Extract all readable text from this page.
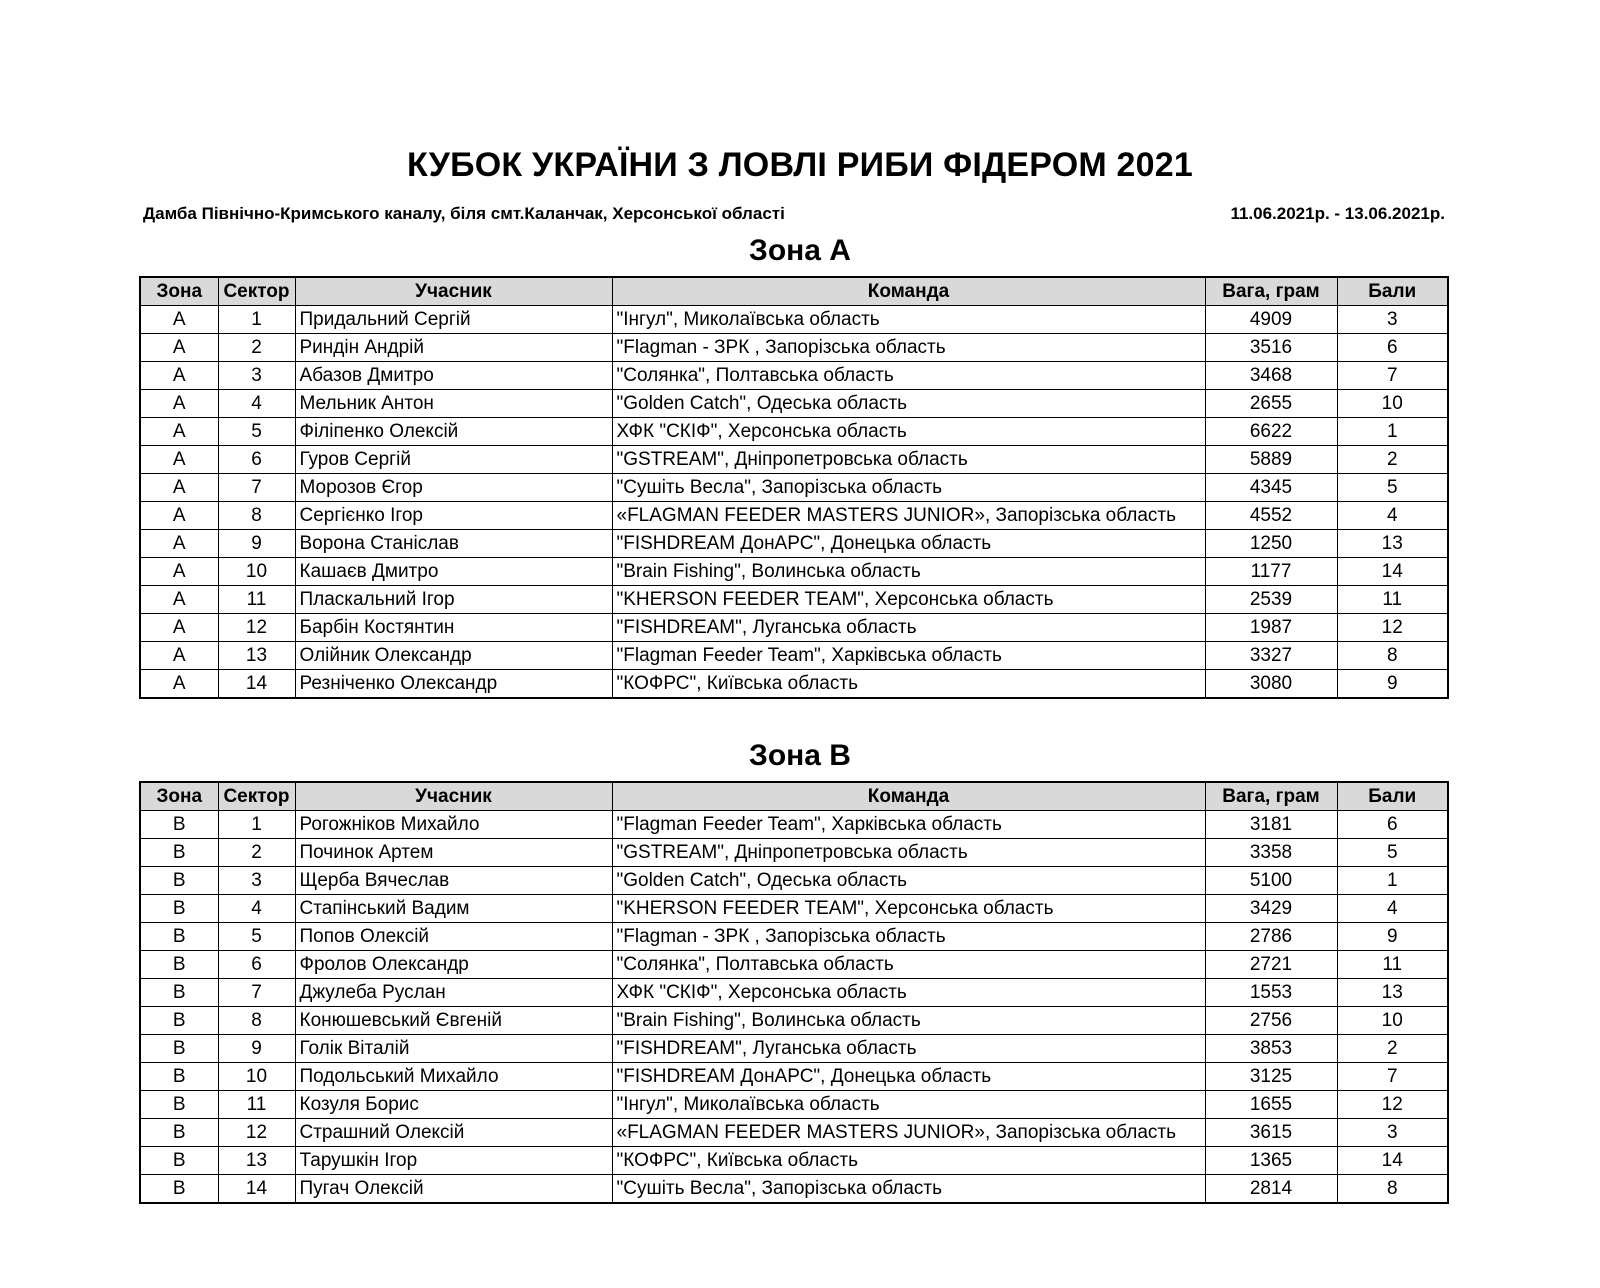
КУБОК УКРАЇНИ З ЛОВЛІ РИБИ ФІДЕРОМ 2021
Дамба Північно-Кримського каналу, біля смт.Каланчак, Херсонської області	11.06.2021р. - 13.06.2021р.
Зона А
Зона	Сектор	Учасник	Команда	Вага, грам	Бали
А	1	Придальний Сергій	"Інгул", Миколаївська область	4909	3
А	2	Риндін Андрій	"Flagman - ЗРК , Запорізська область	3516	6
А	3	Абазов Дмитро	"Солянка", Полтавська область	3468	7
А	4	Мельник Антон	"Golden Catch", Одеська область	2655	10
А	5	Філіпенко Олексій	ХФК "СКІФ", Херсонська область	6622	1
А	6	Гуров Сергій	"GSTREAM", Дніпропетровська область	5889	2
А	7	Морозов Єгор	"Сушіть Весла", Запорізська область	4345	5
А	8	Сергієнко Ігор	«FLAGMAN FEEDER MASTERS JUNIOR», Запорізська область	4552	4
А	9	Ворона Станіслав	"FISHDREAM ДонАРС", Донецька область	1250	13
А	10	Кашаєв Дмитро	"Brain Fishing", Волинська область	1177	14
А	11	Пласкальний Ігор	"KHERSON FEEDER TEAM", Херсонська область	2539	11
А	12	Барбін Костянтин	"FISHDREAM", Луганська область	1987	12
А	13	Олійник Олександр	"Flagman Feeder Team", Харківська область	3327	8
А	14	Резніченко Олександр	"КОФРС", Київська область	3080	9
Зона В
Зона	Сектор	Учасник	Команда	Вага, грам	Бали
В	1	Рогожніков Михайло	"Flagman Feeder Team", Харківська область	3181	6
В	2	Починок Артем	"GSTREAM", Дніпропетровська область	3358	5
В	3	Щерба Вячеслав	"Golden Catch", Одеська область	5100	1
В	4	Стапінський Вадим	"KHERSON FEEDER TEAM", Херсонська область	3429	4
В	5	Попов Олексій	"Flagman - ЗРК , Запорізська область	2786	9
В	6	Фролов Олександр	"Солянка", Полтавська область	2721	11
В	7	Джулеба Руслан	ХФК "СКІФ", Херсонська область	1553	13
В	8	Конюшевський Євгеній	"Brain Fishing", Волинська область	2756	10
В	9	Голік Віталій	"FISHDREAM", Луганська область	3853	2
В	10	Подольський Михайло	"FISHDREAM ДонАРС", Донецька область	3125	7
В	11	Козуля Борис	"Інгул", Миколаївська область	1655	12
В	12	Страшний Олексій	«FLAGMAN FEEDER MASTERS JUNIOR», Запорізська область	3615	3
В	13	Тарушкін Ігор	"КОФРС", Київська область	1365	14
В	14	Пугач Олексій	"Сушіть Весла", Запорізська область	2814	8
